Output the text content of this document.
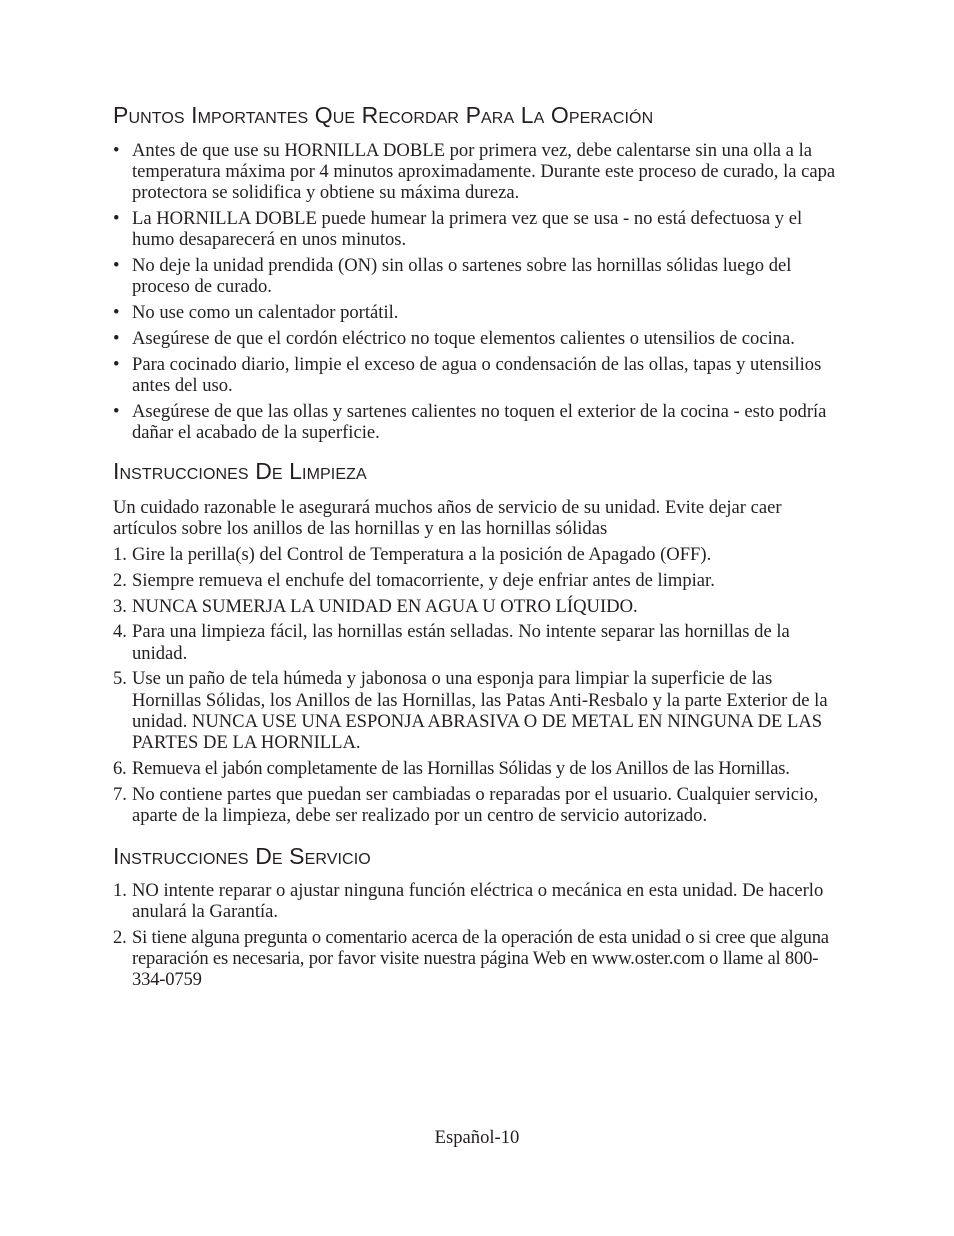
Puntos Importantes Que Recordar Para La Operación
• Antes de que use su HORNILLA DOBLE por primera vez, debe calentarse sin una olla a la temperatura máxima por 4 minutos aproximadamente. Durante este proceso de curado, la capa protectora se solidifica y obtiene su máxima dureza.
• La HORNILLA DOBLE puede humear la primera vez que se usa - no está defectuosa y el humo desaparecerá en unos minutos.
• No deje la unidad prendida (ON) sin ollas o sartenes sobre las hornillas sólidas luego del proceso de curado.
• No use como un calentador portátil.
• Asegúrese de que el cordón eléctrico no toque elementos calientes o utensilios de cocina.
• Para cocinado diario, limpie el exceso de agua o condensación de las ollas, tapas y utensilios antes del uso.
• Asegúrese de que las ollas y sartenes calientes no toquen el exterior de la cocina - esto podría dañar el acabado de la superficie.
Instrucciones De Limpieza

Un cuidado razonable le asegurará muchos años de servicio de su unidad. Evite dejar caer artículos sobre los anillos de las hornillas y en las hornillas sólidas

1. Gire la perilla(s) del Control de Temperatura a la posición de Apagado (OFF).
2. Siempre remueva el enchufe del tomacorriente, y deje enfriar antes de limpiar.
3. NUNCA SUMERJA LA UNIDAD EN AGUA U OTRO LÍQUIDO.
4. Para una limpieza fácil, las hornillas están selladas. No intente separar las hornillas de la unidad.
5. Use un paño de tela húmeda y jabonosa o una esponja para limpiar la superficie de las Hornillas Sólidas, los Anillos de las Hornillas, las Patas Anti-Resbalo y la parte Exterior de la unidad. NUNCA USE UNA ESPONJA ABRASIVA O DE METAL EN NINGUNA DE LAS PARTES DE LA HORNILLA.
6. Remueva el jabón completamente de las Hornillas Sólidas y de los Anillos de las Hornillas.
7. No contiene partes que puedan ser cambiadas o reparadas por el usuario. Cualquier servicio, aparte de la limpieza, debe ser realizado por un centro de servicio autorizado.
Instrucciones De Servicio
1. NO intente reparar o ajustar ninguna función eléctrica o mecánica en esta unidad. De hacerlo anulará la Garantía.
2. Si tiene alguna pregunta o comentario acerca de la operación de esta unidad o si cree que alguna reparación es necesaria, por favor visite nuestra página Web en www.oster.com o llame al 800-334-0759
Español-10
